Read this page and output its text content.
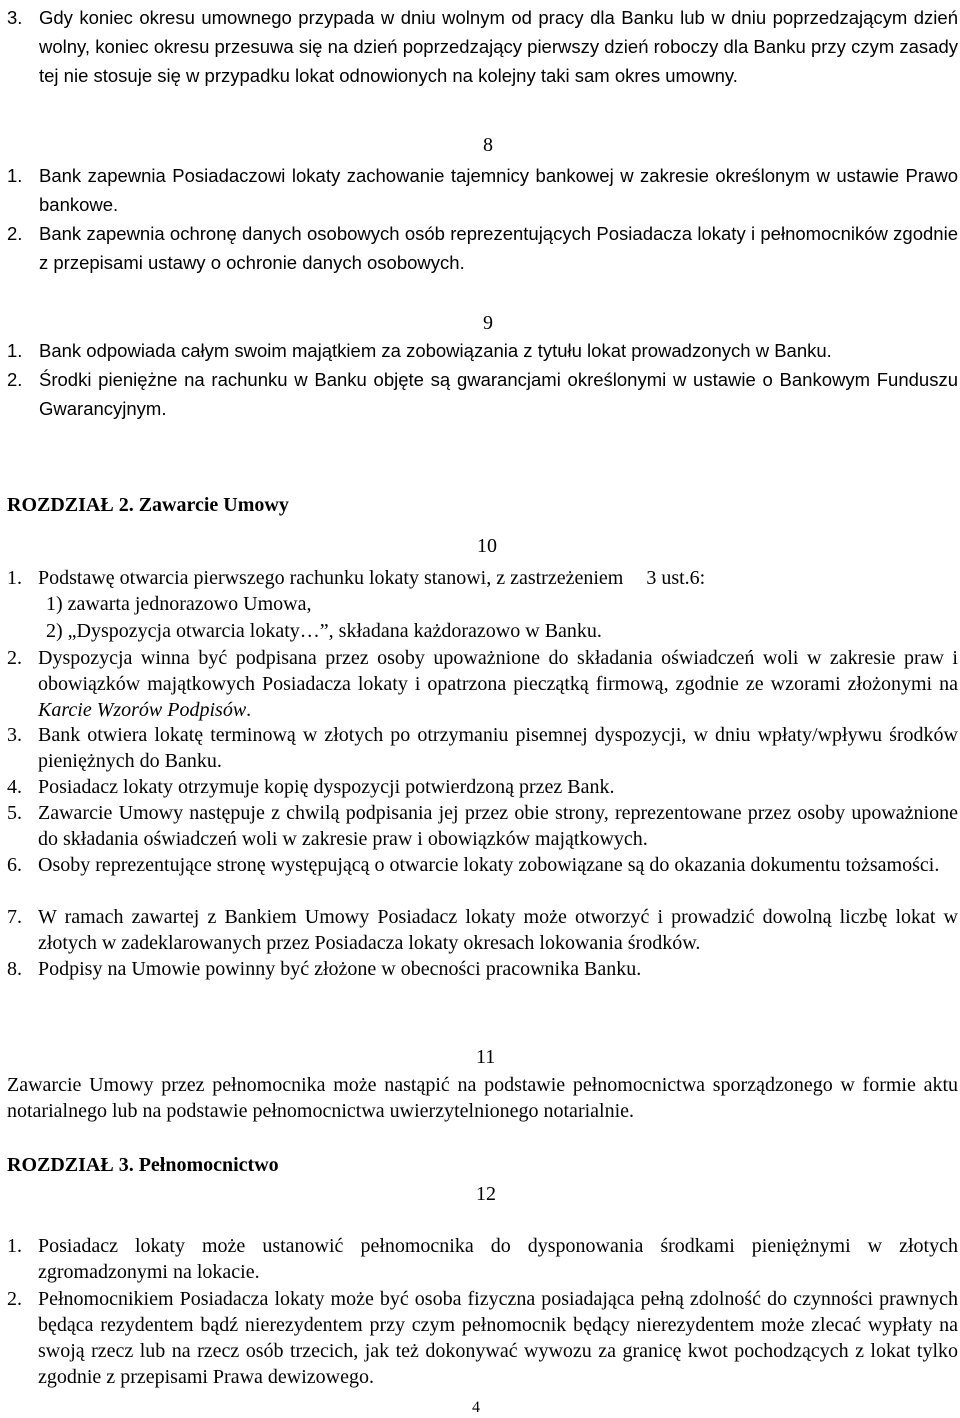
3. Gdy koniec okresu umownego przypada w dniu wolnym od pracy dla Banku lub w dniu poprzedzającym dzień wolny, koniec okresu przesuwa się na dzień poprzedzający pierwszy dzień roboczy dla Banku przy czym zasady tej nie stosuje się w przypadku lokat odnowionych na kolejny taki sam okres umowny.
8
1. Bank zapewnia Posiadaczowi lokaty zachowanie tajemnicy bankowej w zakresie określonym w ustawie Prawo bankowe.
2. Bank zapewnia ochronę danych osobowych osób reprezentujących Posiadacza lokaty i pełnomocników zgodnie z przepisami ustawy o ochronie danych osobowych.
9
1. Bank odpowiada całym swoim majątkiem za zobowiązania z tytułu lokat prowadzonych w Banku.
2. Środki pieniężne na rachunku w Banku objęte są gwarancjami określonymi w ustawie o Bankowym Funduszu Gwarancyjnym.
ROZDZIAŁ 2. Zawarcie Umowy
10
1. Podstawę otwarcia pierwszego rachunku lokaty stanowi, z zastrzeżeniem 3 ust.6:
1) zawarta jednorazowo Umowa,
2) „Dyspozycja otwarcia lokaty…”, składana każdorazowo w Banku.
2. Dyspozycja winna być podpisana przez osoby upoważnione do składania oświadczeń woli w zakresie praw i obowiązków majątkowych Posiadacza lokaty i opatrzona pieczątką firmową, zgodnie ze wzorami złożonymi na Karcie Wzorów Podpisów.
3. Bank otwiera lokatę terminową w złotych po otrzymaniu pisemnej dyspozycji, w dniu wpłaty/wpływu środków pieniężnych do Banku.
4. Posiadacz lokaty otrzymuje kopię dyspozycji potwierdzoną przez Bank.
5. Zawarcie Umowy następuje z chwilą podpisania jej przez obie strony, reprezentowane przez osoby upoważnione do składania oświadczeń woli w zakresie praw i obowiązków majątkowych.
6. Osoby reprezentujące stronę występującą o otwarcie lokaty zobowiązane są do okazania dokumentu tożsamości.
7. W ramach zawartej z Bankiem Umowy Posiadacz lokaty może otworzyć i prowadzić dowolną liczbę lokat w złotych w zadeklarowanych przez Posiadacza lokaty okresach lokowania środków.
8. Podpisy na Umowie powinny być złożone w obecności pracownika Banku.
11
Zawarcie Umowy przez pełnomocnika może nastąpić na podstawie pełnomocnictwa sporządzonego w formie aktu notarialnego lub na podstawie pełnomocnictwa uwierzytelnionego notarialnie.
ROZDZIAŁ 3. Pełnomocnictwo
12
1. Posiadacz lokaty może ustanowić pełnomocnika do dysponowania środkami pieniężnymi w złotych zgromadzonymi na lokacie.
2. Pełnomocnikiem Posiadacza lokaty może być osoba fizyczna posiadająca pełną zdolność do czynności prawnych będąca rezydentem bądź nierezydentem przy czym pełnomocnik będący nierezydentem może zlecać wypłaty na swoją rzecz lub na rzecz osób trzecich, jak też dokonywać wywozu za granicę kwot pochodzących z lokat tylko zgodnie z przepisami Prawa dewizowego.
4
